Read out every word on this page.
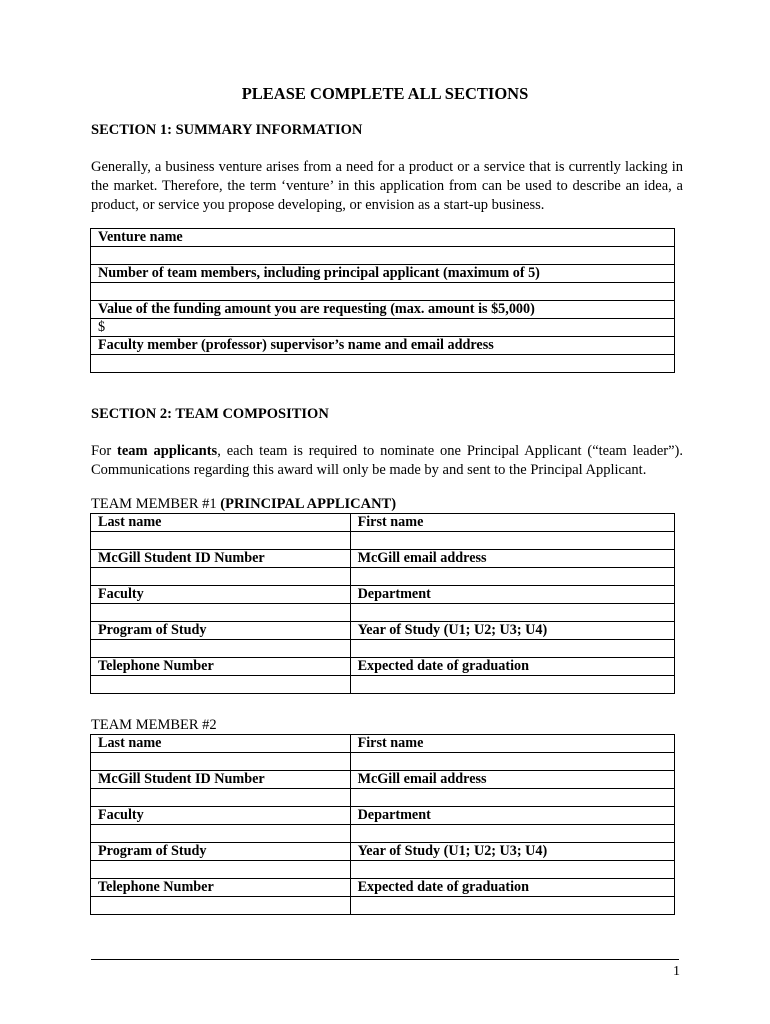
PLEASE COMPLETE ALL SECTIONS
SECTION 1: SUMMARY INFORMATION
Generally, a business venture arises from a need for a product or a service that is currently lacking in the market. Therefore, the term ‘venture’ in this application from can be used to describe an idea, a product, or service you propose developing, or envision as a start-up business.
Venture name

Number of team members, including principal applicant (maximum of 5)

Value of the funding amount you are requesting (max. amount is $5,000)
$
Faculty member (professor) supervisor’s name and email address

SECTION 2: TEAM COMPOSITION
For team applicants, each team is required to nominate one Principal Applicant (“team leader”). Communications regarding this award will only be made by and sent to the Principal Applicant.
TEAM MEMBER #1 (PRINCIPAL APPLICANT)
Last name	First name

McGill Student ID Number	McGill email address

Faculty	Department

Program of Study	Year of Study (U1; U2; U3; U4)

Telephone Number	Expected date of graduation

TEAM MEMBER #2
Last name	First name

McGill Student ID Number	McGill email address

Faculty	Department

Program of Study	Year of Study (U1; U2; U3; U4)

Telephone Number	Expected date of graduation

1
